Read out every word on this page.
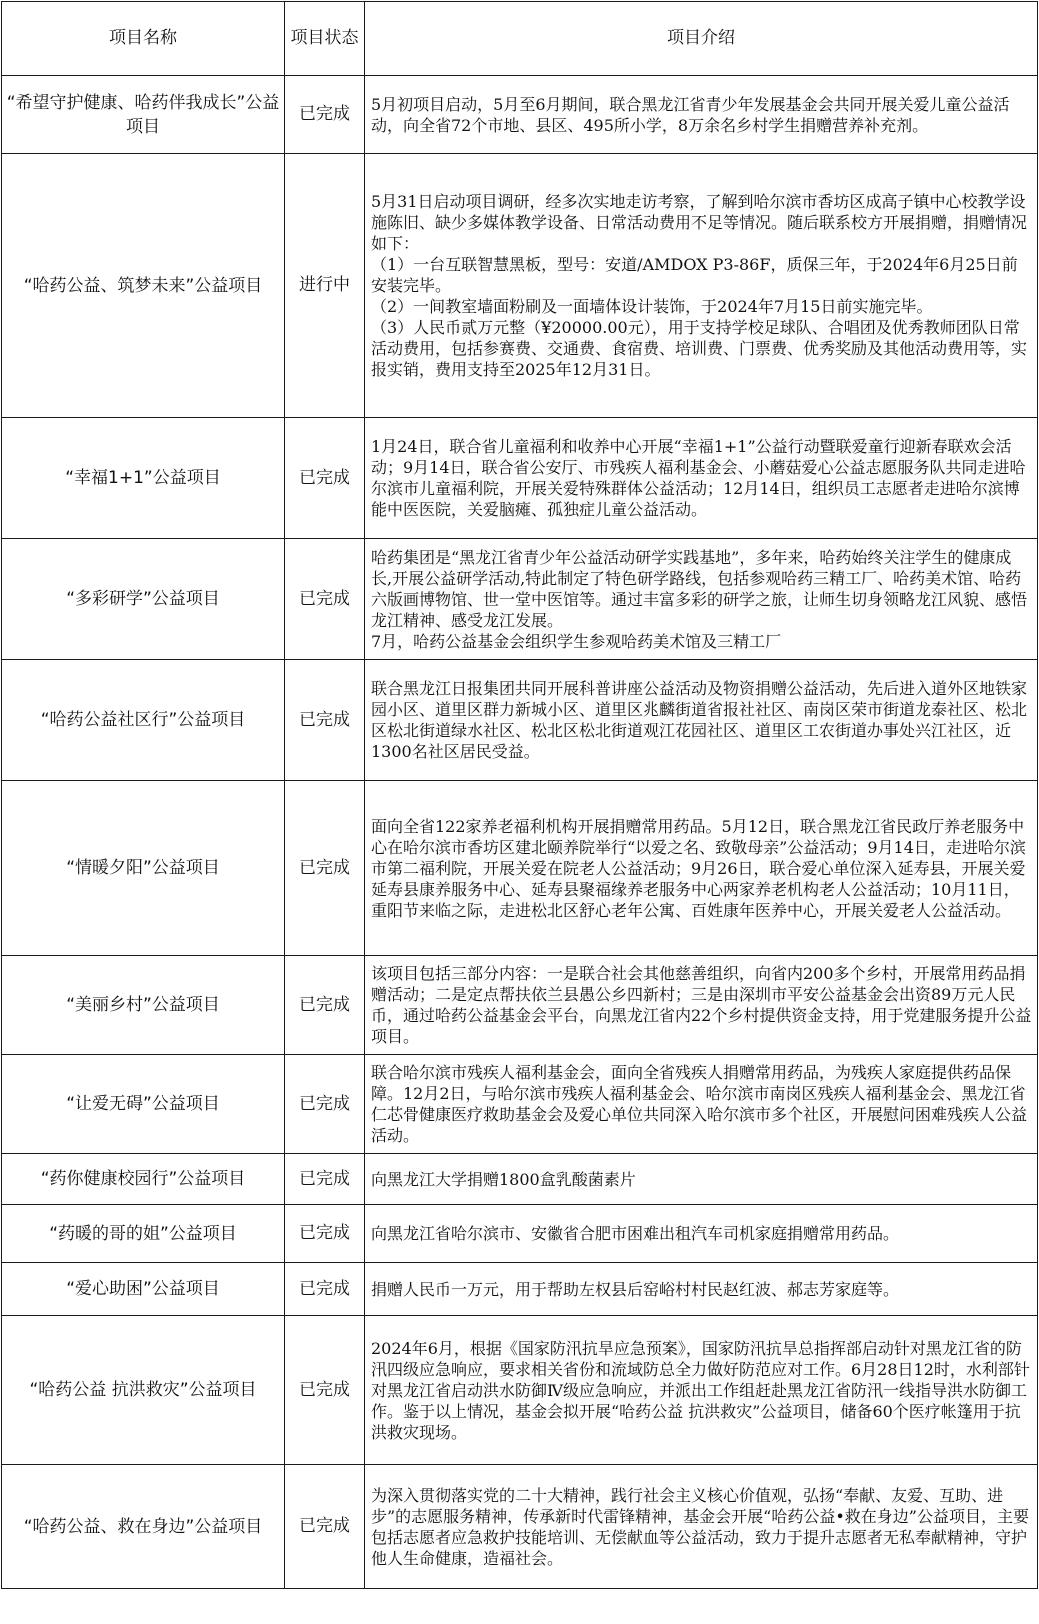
项目名称	项目状态	项目介绍
“希望守护健康、哈药伴我成长”公益项目	已完成	5月初项目启动，5月至6月期间，联合黑龙江省青少年发展基金会共同开展关爱儿童公益活动，向全省72个市地、县区、495所小学，8万余名乡村学生捐赠营养补充剂。
“哈药公益、筑梦未来”公益项目	进行中	5月31日启动项目调研，经多次实地走访考察，了解到哈尔滨市香坊区成高子镇中心校教学设施陈旧、缺少多媒体教学设备、日常活动费用不足等情况。随后联系校方开展捐赠，捐赠情况如下：
（1）一台互联智慧黑板，型号：安道/AMDOX P3-86F，质保三年，于2024年6月25日前安装完毕。
（2）一间教室墙面粉刷及一面墙体设计装饰，于2024年7月15日前实施完毕。
（3）人民币贰万元整（¥20000.00元），用于支持学校足球队、合唱团及优秀教师团队日常活动费用，包括参赛费、交通费、食宿费、培训费、门票费、优秀奖励及其他活动费用等，实报实销，费用支持至2025年12月31日。
“幸福1+1”公益项目	已完成	1月24日，联合省儿童福利和收养中心开展“幸福1+1”公益行动暨联爱童行迎新春联欢会活动；9月14日，联合省公安厅、市残疾人福利基金会、小蘑菇爱心公益志愿服务队共同走进哈尔滨市儿童福利院，开展关爱特殊群体公益活动；12月14日，组织员工志愿者走进哈尔滨博能中医医院，关爱脑瘫、孤独症儿童公益活动。
“多彩研学”公益项目	已完成	哈药集团是“黑龙江省青少年公益活动研学实践基地”，多年来，哈药始终关注学生的健康成长,开展公益研学活动,特此制定了特色研学路线，包括参观哈药三精工厂、哈药美术馆、哈药六版画博物馆、世一堂中医馆等。通过丰富多彩的研学之旅，让师生切身领略龙江风貌、感悟龙江精神、感受龙江发展。
7月，哈药公益基金会组织学生参观哈药美术馆及三精工厂
“哈药公益社区行”公益项目	已完成	联合黑龙江日报集团共同开展科普讲座公益活动及物资捐赠公益活动，先后进入道外区地铁家园小区、道里区群力新城小区、道里区兆麟街道省报社社区、南岗区荣市街道龙泰社区、松北区松北街道绿水社区、松北区松北街道观江花园社区、道里区工农街道办事处兴江社区，近1300名社区居民受益。
“情暖夕阳”公益项目	已完成	面向全省122家养老福利机构开展捐赠常用药品。5月12日，联合黑龙江省民政厅养老服务中心在哈尔滨市香坊区建北颐养院举行“以爱之名、致敬母亲”公益活动；9月14日，走进哈尔滨市第二福利院，开展关爱在院老人公益活动；9月26日，联合爱心单位深入延寿县，开展关爱延寿县康养服务中心、延寿县聚福缘养老服务中心两家养老机构老人公益活动；10月11日，重阳节来临之际，走进松北区舒心老年公寓、百姓康年医养中心，开展关爱老人公益活动。
“美丽乡村”公益项目	已完成	该项目包括三部分内容：一是联合社会其他慈善组织，向省内200多个乡村，开展常用药品捐赠活动；二是定点帮扶依兰县愚公乡四新村；三是由深圳市平安公益基金会出资89万元人民币，通过哈药公益基金会平台，向黑龙江省内22个乡村提供资金支持，用于党建服务提升公益项目。
“让爱无碍”公益项目	已完成	联合哈尔滨市残疾人福利基金会，面向全省残疾人捐赠常用药品，为残疾人家庭提供药品保障。12月2日，与哈尔滨市残疾人福利基金会、哈尔滨市南岗区残疾人福利基金会、黑龙江省仁芯骨健康医疗救助基金会及爱心单位共同深入哈尔滨市多个社区，开展慰问困难残疾人公益活动。
“药你健康校园行”公益项目	已完成	向黑龙江大学捐赠1800盒乳酸菌素片
“药暖的哥的姐”公益项目	已完成	向黑龙江省哈尔滨市、安徽省合肥市困难出租汽车司机家庭捐赠常用药品。
“爱心助困”公益项目	已完成	捐赠人民币一万元，用于帮助左权县后窑峪村村民赵红波、郝志芳家庭等。
“哈药公益 抗洪救灾”公益项目	已完成	2024年6月，根据《国家防汛抗旱应急预案》，国家防汛抗旱总指挥部启动针对黑龙江省的防汛四级应急响应，要求相关省份和流域防总全力做好防范应对工作。6月28日12时，水利部针对黑龙江省启动洪水防御Ⅳ级应急响应，并派出工作组赶赴黑龙江省防汛一线指导洪水防御工作。鉴于以上情况，基金会拟开展“哈药公益 抗洪救灾”公益项目，储备60个医疗帐篷用于抗洪救灾现场。
“哈药公益、救在身边”公益项目	已完成	为深入贯彻落实党的二十大精神，践行社会主义核心价值观，弘扬“奉献、友爱、互助、进步”的志愿服务精神，传承新时代雷锋精神，基金会开展“哈药公益•救在身边”公益项目，主要包括志愿者应急救护技能培训、无偿献血等公益活动，致力于提升志愿者无私奉献精神，守护他人生命健康，造福社会。
